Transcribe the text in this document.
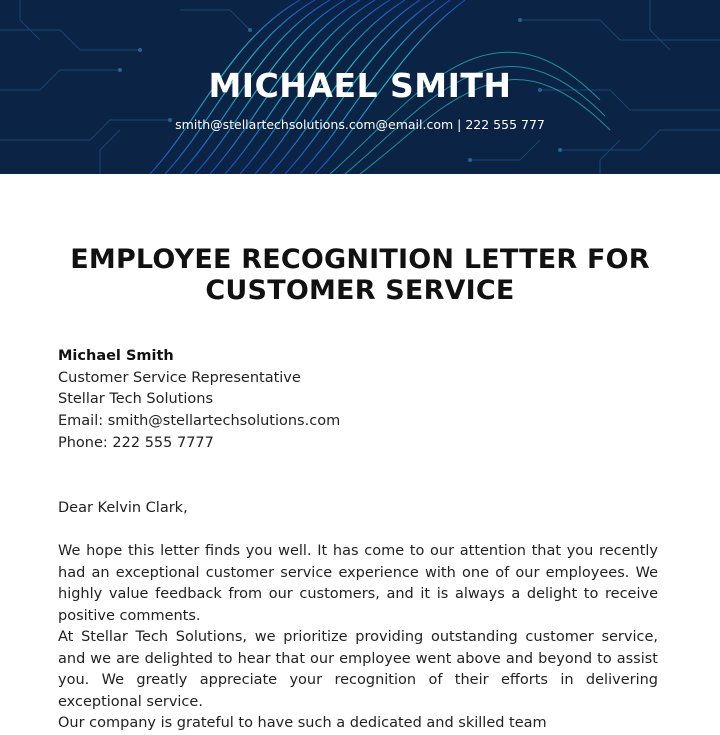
MICHAEL SMITH
smith@stellartechsolutions.com@email.com | 222 555 777
EMPLOYEE RECOGNITION LETTER FOR CUSTOMER SERVICE
Michael Smith
Customer Service Representative
Stellar Tech Solutions
Email: smith@stellartechsolutions.com
Phone: 222 555 7777
Dear Kelvin Clark,
We hope this letter finds you well. It has come to our attention that you recently had an exceptional customer service experience with one of our employees. We highly value feedback from our customers, and it is always a delight to receive positive comments.
At Stellar Tech Solutions, we prioritize providing outstanding customer service, and we are delighted to hear that our employee went above and beyond to assist you. We greatly appreciate your recognition of their efforts in delivering exceptional service.
Our company is grateful to have such a dedicated and skilled team
